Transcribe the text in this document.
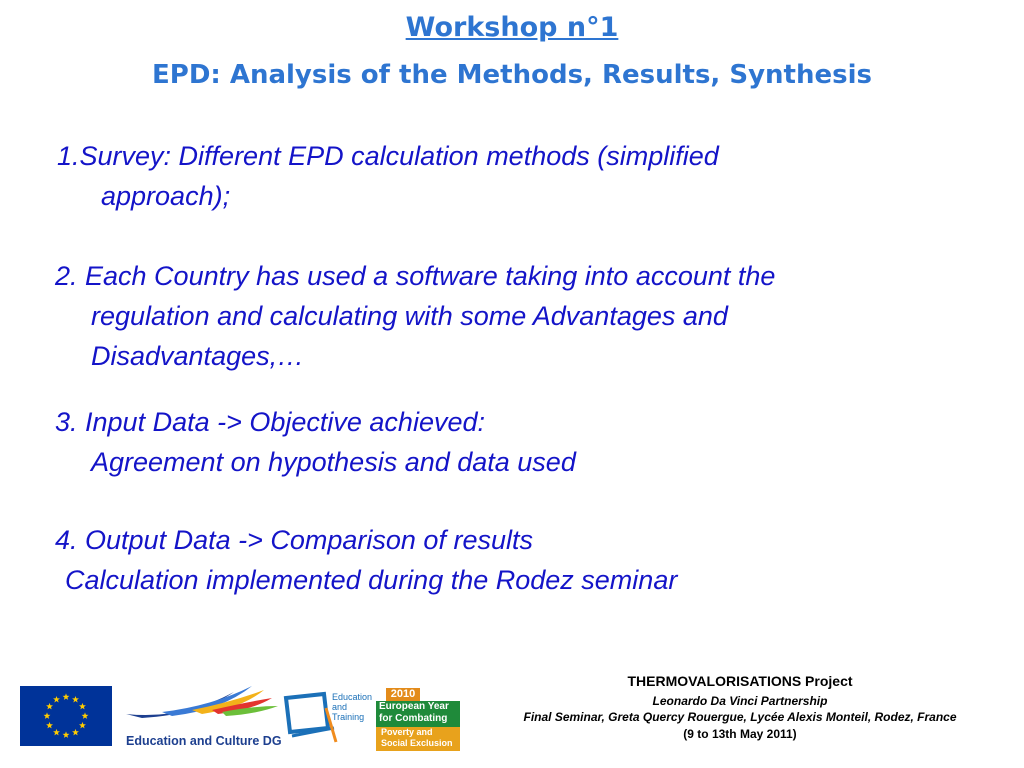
Workshop n°1
EPD: Analysis of the Methods, Results, Synthesis
1.Survey: Different EPD calculation methods (simplified
approach);
2. Each Country has used a software taking into account the
regulation and calculating with some Advantages and
Disadvantages,…
3. Input Data -> Objective achieved:
Agreement on hypothesis and data used
4. Output Data -> Comparison of results
Calculation implemented during the Rodez seminar
Education and Culture DG
Education
and
Training
2010
European Year
for Combating
Poverty and
Social Exclusion
THERMOVALORISATIONS Project
Leonardo Da Vinci Partnership
Final Seminar, Greta Quercy Rouergue, Lycée Alexis Monteil, Rodez, France
(9 to 13th May 2011)
